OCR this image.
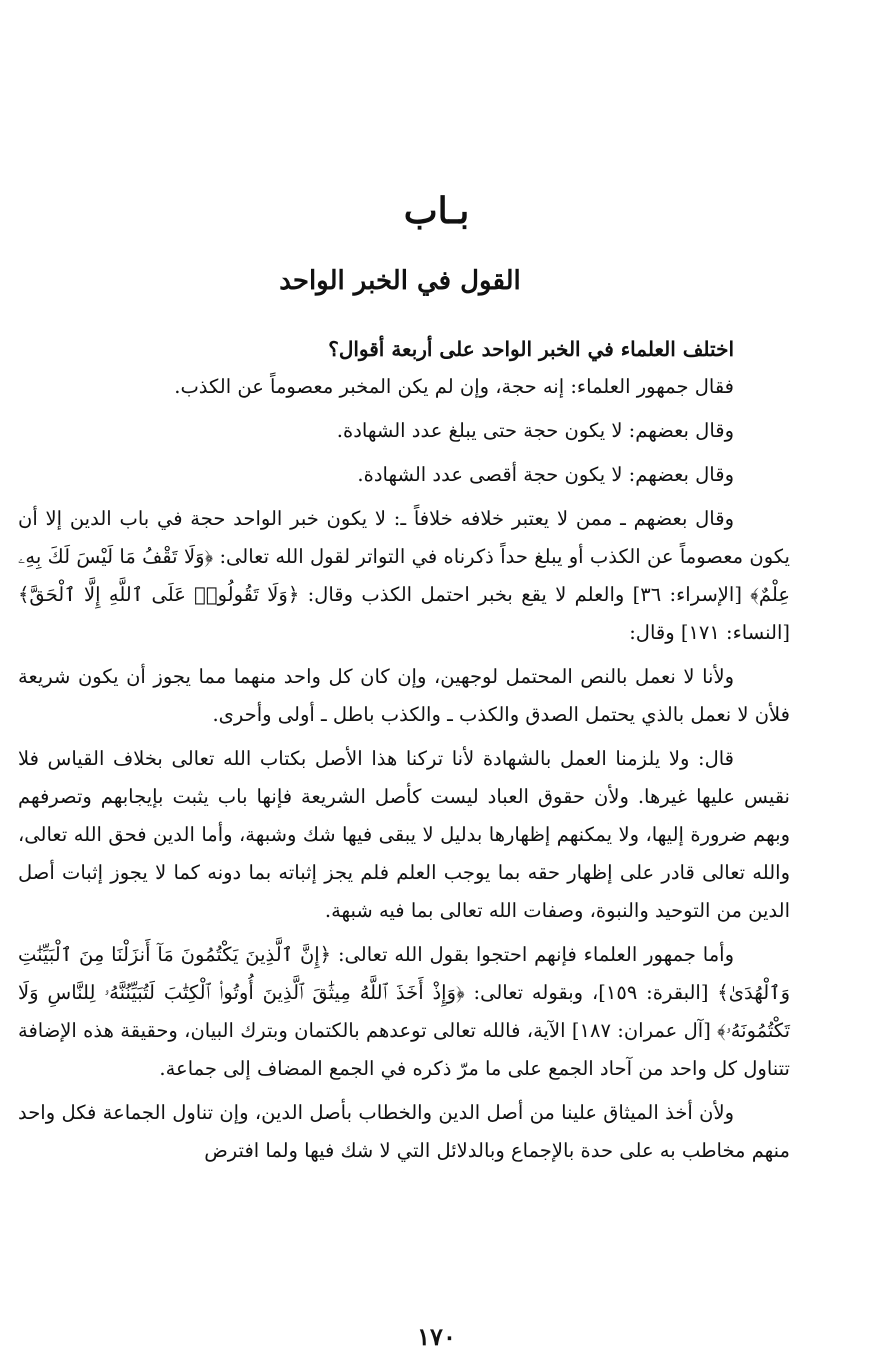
بـاب
القول في الخبر الواحد

اختلف العلماء في الخبر الواحد على أربعة أقوال؟

فقال جمهور العلماء: إنه حجة، وإن لم يكن المخبر معصوماً عن الكذب.

وقال بعضهم: لا يكون حجة حتى يبلغ عدد الشهادة.

وقال بعضهم: لا يكون حجة أقصى عدد الشهادة.

وقال بعضهم ـ ممن لا يعتبر خلافه خلافاً ـ: لا يكون خبر الواحد حجة في باب الدين إلا أن يكون معصوماً عن الكذب أو يبلغ حداً ذكرناه في التواتر لقول الله تعالى: ﴿وَلَا تَقْفُ مَا لَيْسَ لَكَ بِهِۦ عِلْمٌ﴾ [الإسراء: ٣٦] والعلم لا يقع بخبر احتمل الكذب وقال: ﴿وَلَا تَقُولُوا۟ عَلَى ٱللَّهِ إِلَّا ٱلْحَقَّ﴾ [النساء: ١٧١] وقال:

ولأنا لا نعمل بالنص المحتمل لوجهين، وإن كان كل واحد منهما مما يجوز أن يكون شريعة فلأن لا نعمل بالذي يحتمل الصدق والكذب ـ والكذب باطل ـ أولى وأحرى.

قال: ولا يلزمنا العمل بالشهادة لأنا تركنا هذا الأصل بكتاب الله تعالى بخلاف القياس فلا نقيس عليها غيرها. ولأن حقوق العباد ليست كأصل الشريعة فإنها باب يثبت بإيجابهم وتصرفهم وبهم ضرورة إليها، ولا يمكنهم إظهارها بدليل لا يبقى فيها شك وشبهة، وأما الدين فحق الله تعالى، والله تعالى قادر على إظهار حقه بما يوجب العلم فلم يجز إثباته بما دونه كما لا يجوز إثبات أصل الدين من التوحيد والنبوة، وصفات الله تعالى بما فيه شبهة.

وأما جمهور العلماء فإنهم احتجوا بقول الله تعالى: ﴿إِنَّ ٱلَّذِينَ يَكْتُمُونَ مَآ أَنزَلْنَا مِنَ ٱلْبَيِّنَٰتِ وَٱلْهُدَىٰ﴾ [البقرة: ١٥٩]، وبقوله تعالى: ﴿وَإِذْ أَخَذَ ٱللَّهُ مِيثَٰقَ ٱلَّذِينَ أُوتُوا۟ ٱلْكِتَٰبَ لَتُبَيِّنُنَّهُۥ لِلنَّاسِ وَلَا تَكْتُمُونَهُۥ﴾ [آل عمران: ١٨٧] الآية، فالله تعالى توعدهم بالكتمان وبترك البيان، وحقيقة هذه الإضافة تتناول كل واحد من آحاد الجمع على ما مرّ ذكره في الجمع المضاف إلى جماعة.

ولأن أخذ الميثاق علينا من أصل الدين والخطاب بأصل الدين، وإن تناول الجماعة فكل واحد منهم مخاطب به على حدة بالإجماع وبالدلائل التي لا شك فيها ولما افترض

١٧٠
